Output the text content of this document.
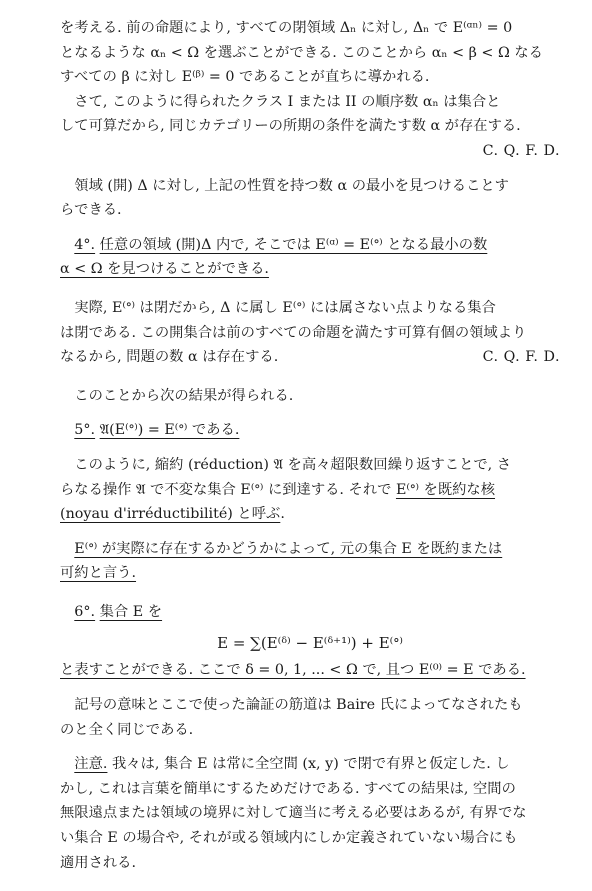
を考える. 前の命題により, すべての閉領域 Δₙ に対し, Δₙ で E⁽ᵅⁿ⁾ = 0
となるような αₙ < Ω を選ぶことができる. このことから αₙ < β < Ω なる
すべての β に対し E⁽ᵝ⁾ = 0 であることが直ちに導かれる.

さて, このように得られたクラス I または II の順序数 αₙ は集合と
して可算だから, 同じカテゴリーの所期の条件を満たす数 α が存在する.

C. Q. F. D.

領域 (開) Δ に対し, 上記の性質を持つ数 α の最小を見つけることす
らできる.

4°. 任意の領域 (開)Δ 内で, そこでは E⁽ᵅ⁾ = E⁽ᐤ⁾ となる最小の数
α < Ω を見つけることができる.

実際, E⁽ᐤ⁾ は閉だから, Δ に属し E⁽ᐤ⁾ には属さない点よりなる集合
は閉である. この開集合は前のすべての命題を満たす可算有個の領域より

なるから, 問題の数 α は存在する.	C. Q. F. D.

このことから次の結果が得られる.

5°. 𝔄(E⁽ᐤ⁾) = E⁽ᐤ⁾ である.

このように, 縮約 (réduction) 𝔄 を高々超限数回繰り返すことで, さ
らなる操作 𝔄 で不変な集合 E⁽ᐤ⁾ に到達する. それで E⁽ᐤ⁾ を既約な核
(noyau d'irréductibilité) と呼ぶ.

E⁽ᐤ⁾ が実際に存在するかどうかによって, 元の集合 E を既約または
可約と言う.

6°. 集合 E を

E = ∑(E⁽ᵟ⁾ − E⁽ᵟ⁺¹⁾) + E⁽ᐤ⁾

と表すことができる. ここで δ = 0, 1, ... < Ω で, 且つ E⁽⁰⁾ = E である.

記号の意味とここで使った論証の筋道は Baire 氏によってなされたも
のと全く同じである.

注意. 我々は, 集合 E は常に全空間 (x, y) で閉で有界と仮定した. し
かし, これは言葉を簡単にするためだけである. すべての結果は, 空間の
無限遠点または領域の境界に対して適当に考える必要はあるが, 有界でな
い集合 E の場合や, それが或る領域内にしか定義されていない場合にも
適用される.
